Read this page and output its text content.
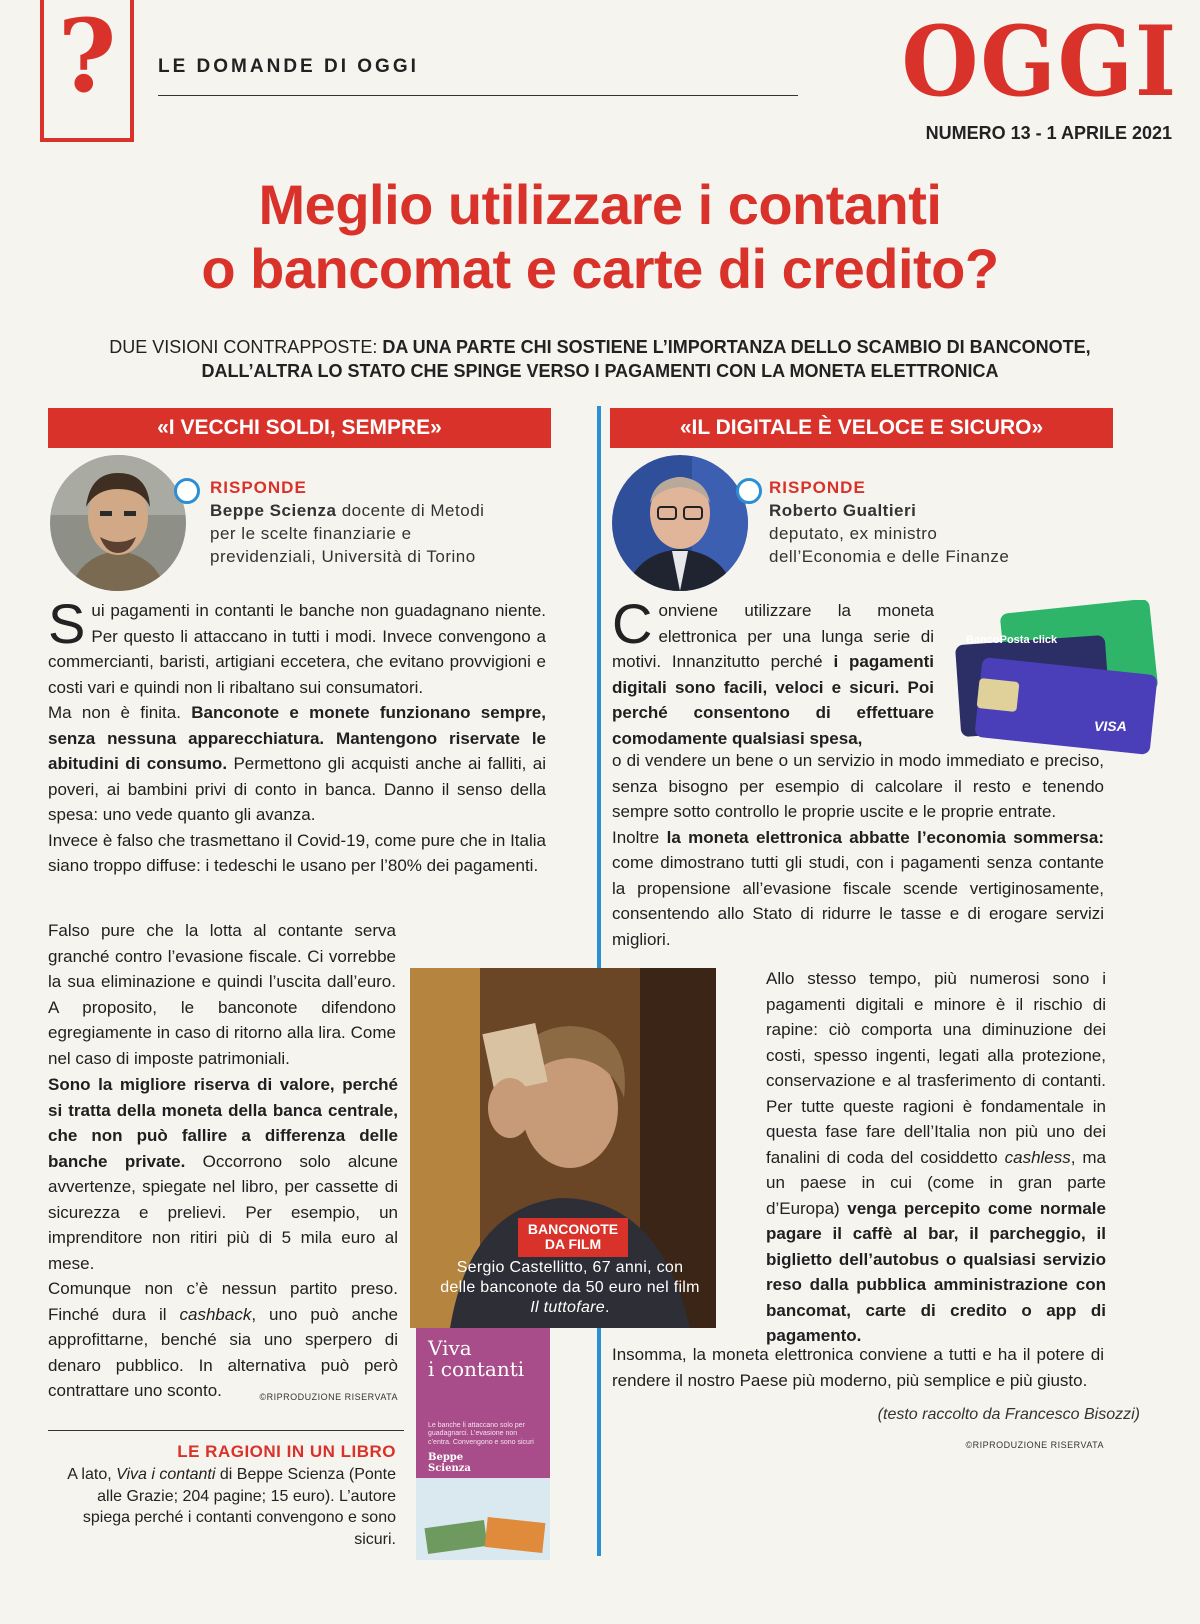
?	LE DOMANDE DI OGGI	OGGI
NUMERO 13 - 1 APRILE 2021
Meglio utilizzare i contanti
o bancomat e carte di credito?
DUE VISIONI CONTRAPPOSTE: DA UNA PARTE CHI SOSTIENE L’IMPORTANZA DELLO SCAMBIO DI BANCONOTE,
DALL’ALTRA LO STATO CHE SPINGE VERSO I PAGAMENTI CON LA MONETA ELETTRONICA
«I VECCHI SOLDI, SEMPRE»	«IL DIGITALE È VELOCE E SICURO»
RISPONDE
Beppe Scienza docente di Metodi
per le scelte finanziarie e
previdenziali, Università di Torino

Sui pagamenti in contanti le banche non guadagnano niente. Per questo li attaccano in tutti i modi. Invece convengono a commercianti, baristi, artigiani eccetera, che evitano provvigioni e costi vari e quindi non li ribaltano sui consumatori.

Ma non è finita. Banconote e monete funzionano sempre, senza nessuna apparecchiatura. Mantengono riservate le abitudini di consumo. Permettono gli acquisti anche ai falliti, ai poveri, ai bambini privi di conto in banca. Danno il senso della spesa: uno vede quanto gli avanza.

Invece è falso che trasmettano il Covid-19, come pure che in Italia siano troppo diffuse: i tedeschi le usano per l’80% dei pagamenti.

Falso pure che la lotta al contante serva granché contro l’evasione fiscale. Ci vorrebbe la sua eliminazione e quindi l’uscita dall’euro. A proposito, le banconote difendono egregiamente in caso di ritorno alla lira. Come nel caso di imposte patrimoniali.

Sono la migliore riserva di valore, perché si tratta della moneta della banca centrale, che non può fallire a differenza delle banche private. Occorrono solo alcune avvertenze, spiegate nel libro, per cassette di sicurezza e prelievi. Per esempio, un imprenditore non ritiri più di 5 mila euro al mese.

Comunque non c’è nessun partito preso. Finché dura il cashback, uno può anche approfittarne, benché sia uno sperpero di denaro pubblico. In alternativa può però contrattare uno sconto.	©RIPRODUZIONE RISERVATA
LE RAGIONI IN UN LIBRO
A lato, Viva i contanti di Beppe Scienza (Ponte alle Grazie; 204 pagine; 15 euro). L’autore spiega perché i contanti convengono e sono sicuri.
BANCONOTE
DA FILM
Sergio Castellitto, 67 anni, con delle banconote da 50 euro nel film Il tuttofare.
Viva
i contanti
Le banche li attaccano solo per guadagnarci. L’evasione non c’entra. Convengono e sono sicuri
Beppe
Scienza
RISPONDE
Roberto Gualtieri
deputato, ex ministro
dell’Economia e delle Finanze
BancoPosta click
VISA

Conviene utilizzare la moneta elettronica per una lunga serie di motivi. Innanzitutto perché i pagamenti digitali sono facili, veloci e sicuri. Poi perché consentono di effettuare comodamente qualsiasi spesa,

o di vendere un bene o un servizio in modo immediato e preciso, senza bisogno per esempio di calcolare il resto e tenendo sempre sotto controllo le proprie uscite e le proprie entrate.

Inoltre la moneta elettronica abbatte l’economia sommersa: come dimostrano tutti gli studi, con i pagamenti senza contante la propensione all’evasione fiscale scende vertiginosamente, consentendo allo Stato di ridurre le tasse e di erogare servizi migliori.

Allo stesso tempo, più numerosi sono i pagamenti digitali e minore è il rischio di rapine: ciò comporta una diminuzione dei costi, spesso ingenti, legati alla protezione, conservazione e al trasferimento di contanti. Per tutte queste ragioni è fondamentale in questa fase fare dell’Italia non più uno dei fanalini di coda del cosiddetto cashless, ma un paese in cui (come in gran parte d’Europa) venga percepito come normale pagare il caffè al bar, il parcheggio, il biglietto dell’autobus o qualsiasi servizio reso dalla pubblica amministrazione con bancomat, carte di credito o app di pagamento.

Insomma, la moneta elettronica conviene a tutti e ha il potere di rendere il nostro Paese più moderno, più semplice e più giusto.

(testo raccolto da Francesco Bisozzi)
©RIPRODUZIONE RISERVATA
